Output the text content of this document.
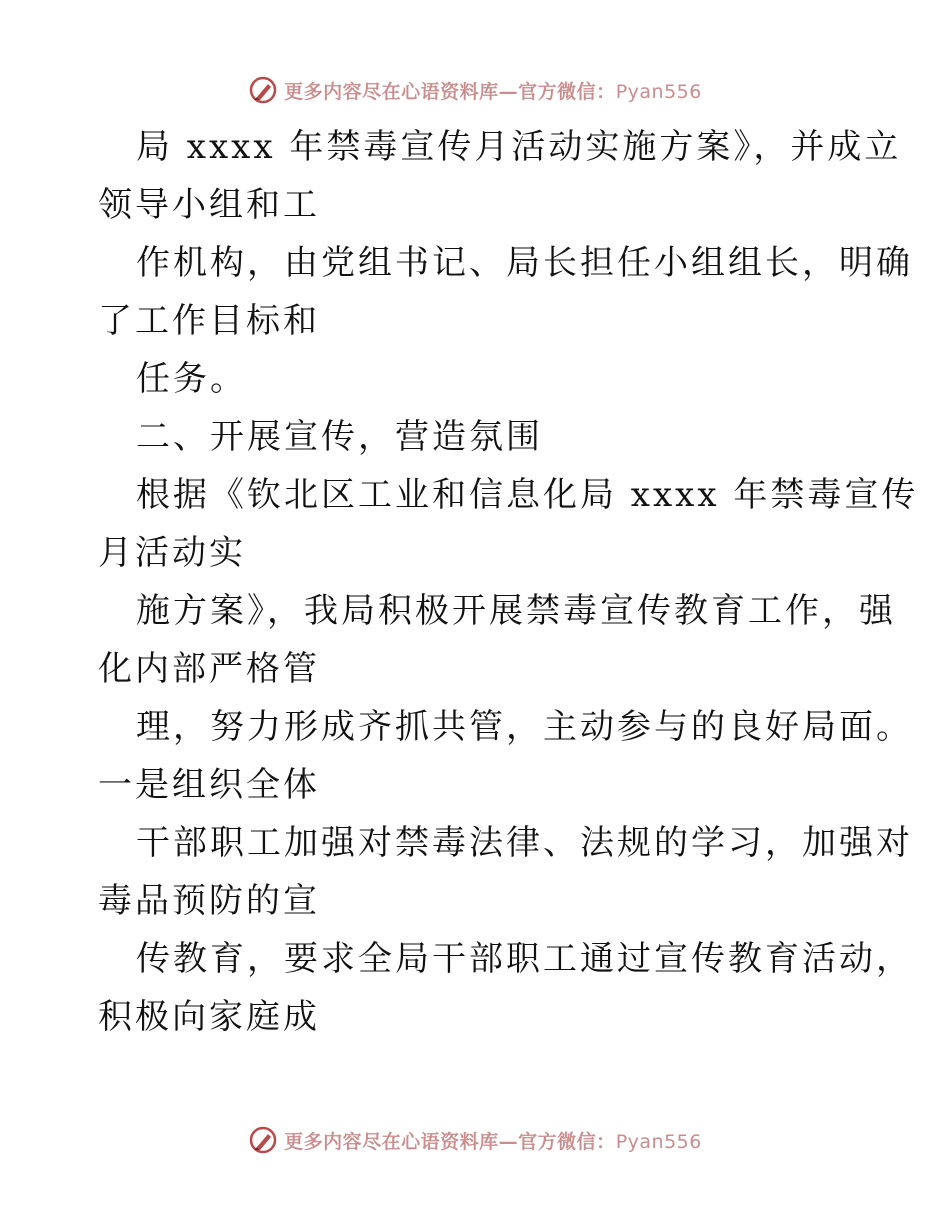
更多内容尽在心语资料库—官方微信：Pyan556
局 xxxx 年禁毒宣传月活动实施方案》，并成立
领导小组和工
作机构，由党组书记、局长担任小组组长，明确
了工作目标和
任务。
二、开展宣传，营造氛围
根据《钦北区工业和信息化局 xxxx 年禁毒宣传
月活动实
施方案》，我局积极开展禁毒宣传教育工作，强
化内部严格管
理，努力形成齐抓共管，主动参与的良好局面。
一是组织全体
干部职工加强对禁毒法律、法规的学习，加强对
毒品预防的宣
传教育，要求全局干部职工通过宣传教育活动，
积极向家庭成
更多内容尽在心语资料库—官方微信：Pyan556
